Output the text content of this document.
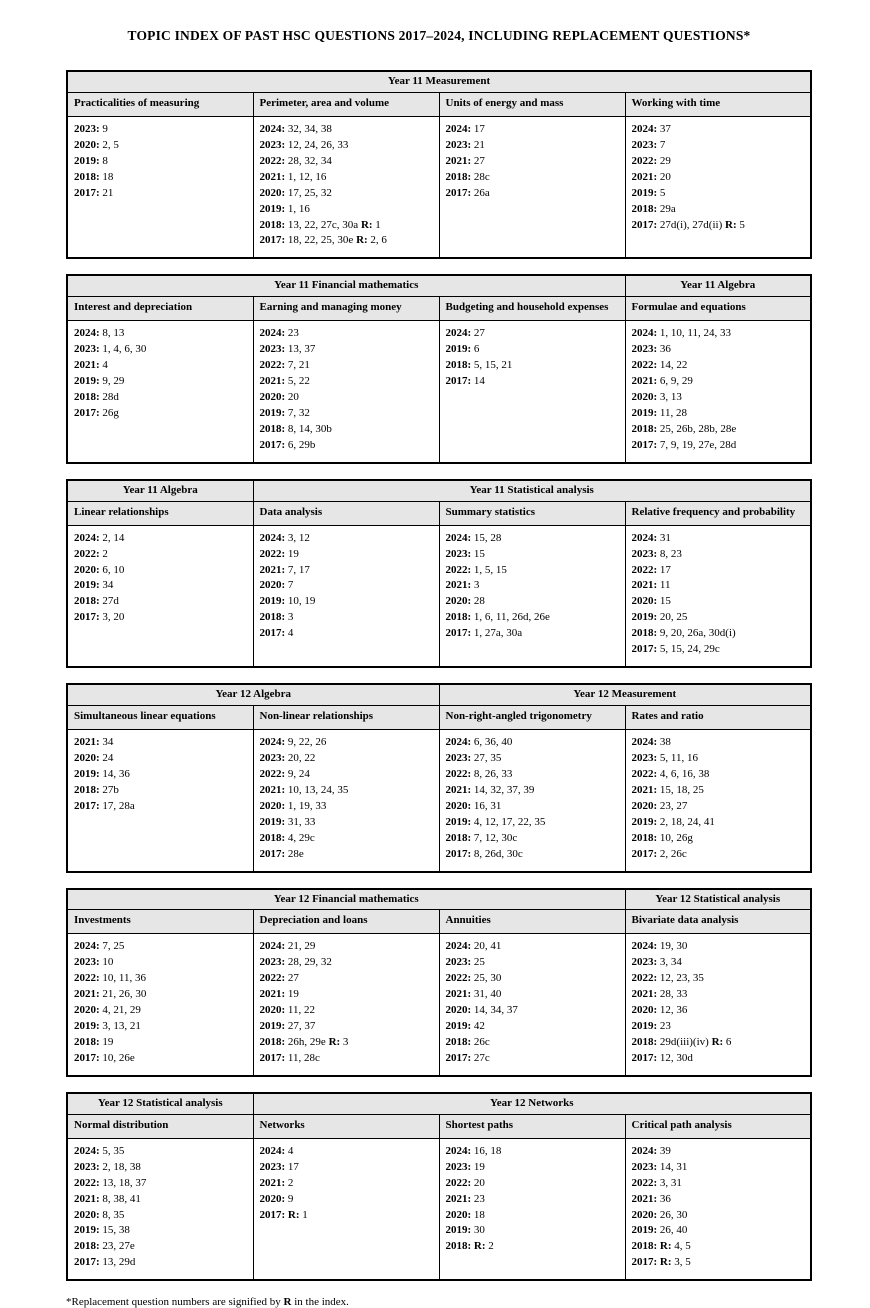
TOPIC INDEX OF PAST HSC QUESTIONS 2017–2024, INCLUDING REPLACEMENT QUESTIONS*
Year 11 Measurement			
Practicalities of measuring	Perimeter, area and volume	Units of energy and mass	Working with time

2023: 9
2020: 2, 5
2019: 8
2018: 18
2017: 21

2024: 32, 34, 38
2023: 12, 24, 26, 33
2022: 28, 32, 34
2021: 1, 12, 16
2020: 17, 25, 32
2019: 1, 16
2018: 13, 22, 27c, 30a R: 1
2017: 18, 22, 25, 30e R: 2, 6

2024: 17
2023: 21
2021: 27
2018: 28c
2017: 26a

2024: 37
2023: 7
2022: 29
2021: 20
2019: 5
2018: 29a
2017: 27d(i), 27d(ii) R: 5
Year 11 Financial mathematics			Year 11 Algebra
Interest and depreciation	Earning and managing money	Budgeting and household expenses	Formulae and equations

2024: 8, 13
2023: 1, 4, 6, 30
2021: 4
2019: 9, 29
2018: 28d
2017: 26g

2024: 23
2023: 13, 37
2022: 7, 21
2021: 5, 22
2020: 20
2019: 7, 32
2018: 8, 14, 30b
2017: 6, 29b

2024: 27
2019: 6
2018: 5, 15, 21
2017: 14

2024: 1, 10, 11, 24, 33
2023: 36
2022: 14, 22
2021: 6, 9, 29
2020: 3, 13
2019: 11, 28
2018: 25, 26b, 28b, 28e
2017: 7, 9, 19, 27e, 28d
Year 11 Algebra	Year 11 Statistical analysis		
Linear relationships	Data analysis	Summary statistics	Relative frequency and probability

2024: 2, 14
2022: 2
2020: 6, 10
2019: 34
2018: 27d
2017: 3, 20

2024: 3, 12
2022: 19
2021: 7, 17
2020: 7
2019: 10, 19
2018: 3
2017: 4

2024: 15, 28
2023: 15
2022: 1, 5, 15
2021: 3
2020: 28
2018: 1, 6, 11, 26d, 26e
2017: 1, 27a, 30a

2024: 31
2023: 8, 23
2022: 17
2021: 11
2020: 15
2019: 20, 25
2018: 9, 20, 26a, 30d(i)
2017: 5, 15, 24, 29c
Year 12 Algebra		Year 12 Measurement	
Simultaneous linear equations	Non-linear relationships	Non-right-angled trigonometry	Rates and ratio

2021: 34
2020: 24
2019: 14, 36
2018: 27b
2017: 17, 28a

2024: 9, 22, 26
2023: 20, 22
2022: 9, 24
2021: 10, 13, 24, 35
2020: 1, 19, 33
2019: 31, 33
2018: 4, 29c
2017: 28e

2024: 6, 36, 40
2023: 27, 35
2022: 8, 26, 33
2021: 14, 32, 37, 39
2020: 16, 31
2019: 4, 12, 17, 22, 35
2018: 7, 12, 30c
2017: 8, 26d, 30c

2024: 38
2023: 5, 11, 16
2022: 4, 6, 16, 38
2021: 15, 18, 25
2020: 23, 27
2019: 2, 18, 24, 41
2018: 10, 26g
2017: 2, 26c
Year 12 Financial mathematics			Year 12 Statistical analysis
Investments	Depreciation and loans	Annuities	Bivariate data analysis

2024: 7, 25
2023: 10
2022: 10, 11, 36
2021: 21, 26, 30
2020: 4, 21, 29
2019: 3, 13, 21
2018: 19
2017: 10, 26e

2024: 21, 29
2023: 28, 29, 32
2022: 27
2021: 19
2020: 11, 22
2019: 27, 37
2018: 26h, 29e R: 3
2017: 11, 28c

2024: 20, 41
2023: 25
2022: 25, 30
2021: 31, 40
2020: 14, 34, 37
2019: 42
2018: 26c
2017: 27c

2024: 19, 30
2023: 3, 34
2022: 12, 23, 35
2021: 28, 33
2020: 12, 36
2019: 23
2018: 29d(iii)(iv) R: 6
2017: 12, 30d
Year 12 Statistical analysis	Year 12 Networks		
Normal distribution	Networks	Shortest paths	Critical path analysis

2024: 5, 35
2023: 2, 18, 38
2022: 13, 18, 37
2021: 8, 38, 41
2020: 8, 35
2019: 15, 38
2018: 23, 27e
2017: 13, 29d

2024: 4
2023: 17
2021: 2
2020: 9
2017: R: 1

2024: 16, 18
2023: 19
2022: 20
2021: 23
2020: 18
2019: 30
2018: R: 2

2024: 39
2023: 14, 31
2022: 3, 31
2021: 36
2020: 26, 30
2019: 26, 40
2018: R: 4, 5
2017: R: 3, 5

*Replacement question numbers are signified by R in the index.
